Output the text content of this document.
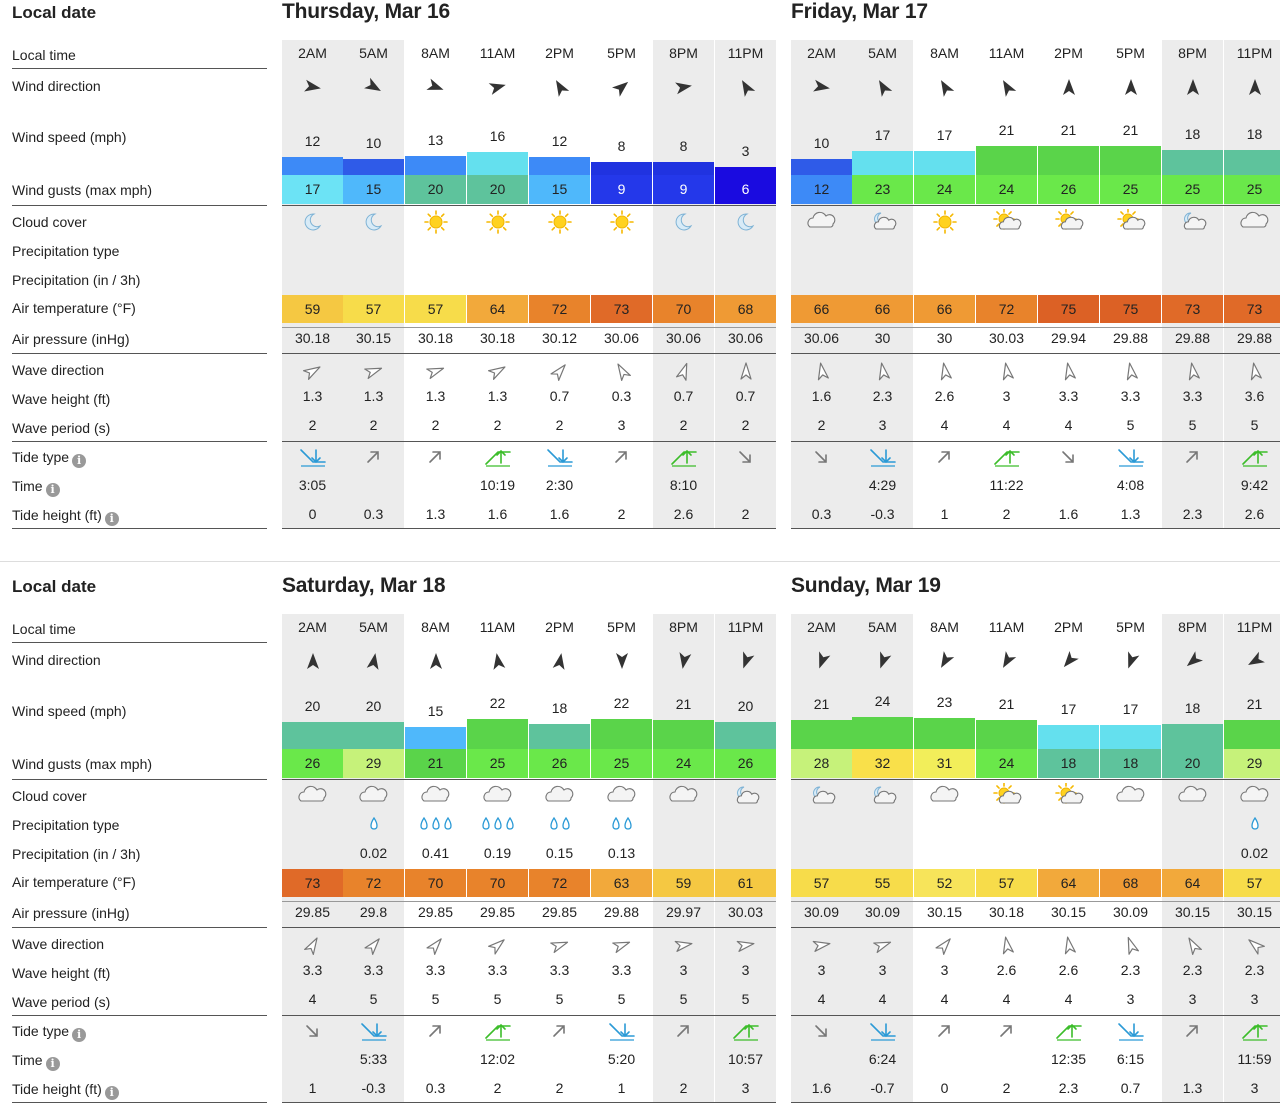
Local date
Local time
Wind direction
Wind speed (mph)
Wind gusts (max mph)
Cloud cover
Precipitation type
Precipitation (in / 3h)
Air temperature (°F)
Air pressure (inHg)
Wave direction
Wave height (ft)
Wave period (s)
Tide type i
Time i
Tide height (ft) i
Thursday, Mar 16
2AM
12
17
59
30.18
1.3
2
3:05
0
5AM
10
15
57
30.15
1.3
2
0.3
8AM
13
20
57
30.18
1.3
2
1.3
11AM
16
20
64
30.18
1.3
2
10:19
1.6
2PM
12
15
72
30.12
0.7
2
2:30
1.6
5PM
8
9
73
30.06
0.3
3
2
8PM
8
9
70
30.06
0.7
2
8:10
2.6
11PM
3
6
68
30.06
0.7
2
2
Friday, Mar 17
2AM
10
12
66
30.06
1.6
2
0.3
5AM
17
23
66
30
2.3
3
4:29
-0.3
8AM
17
24
66
30
2.6
4
1
11AM
21
24
72
30.03
3
4
11:22
2
2PM
21
26
75
29.94
3.3
4
1.6
5PM
21
25
75
29.88
3.3
5
4:08
1.3
8PM
18
25
73
29.88
3.3
5
2.3
11PM
18
25
73
29.88
3.6
5
9:42
2.6
Local date
Local time
Wind direction
Wind speed (mph)
Wind gusts (max mph)
Cloud cover
Precipitation type
Precipitation (in / 3h)
Air temperature (°F)
Air pressure (inHg)
Wave direction
Wave height (ft)
Wave period (s)
Tide type i
Time i
Tide height (ft) i
Saturday, Mar 18
2AM
20
26
73
29.85
3.3
4
1
5AM
20
29
0.02
72
29.8
3.3
5
5:33
-0.3
8AM
15
21
0.41
70
29.85
3.3
5
0.3
11AM
22
25
0.19
70
29.85
3.3
5
12:02
2
2PM
18
26
0.15
72
29.85
3.3
5
2
5PM
22
25
0.13
63
29.88
3.3
5
5:20
1
8PM
21
24
59
29.97
3
5
2
11PM
20
26
61
30.03
3
5
10:57
3
Sunday, Mar 19
2AM
21
28
57
30.09
3
4
1.6
5AM
24
32
55
30.09
3
4
6:24
-0.7
8AM
23
31
52
30.15
3
4
0
11AM
21
24
57
30.18
2.6
4
2
2PM
17
18
64
30.15
2.6
4
12:35
2.3
5PM
17
18
68
30.09
2.3
3
6:15
0.7
8PM
18
20
64
30.15
2.3
3
1.3
11PM
21
29
0.02
57
30.15
2.3
3
11:59
3
